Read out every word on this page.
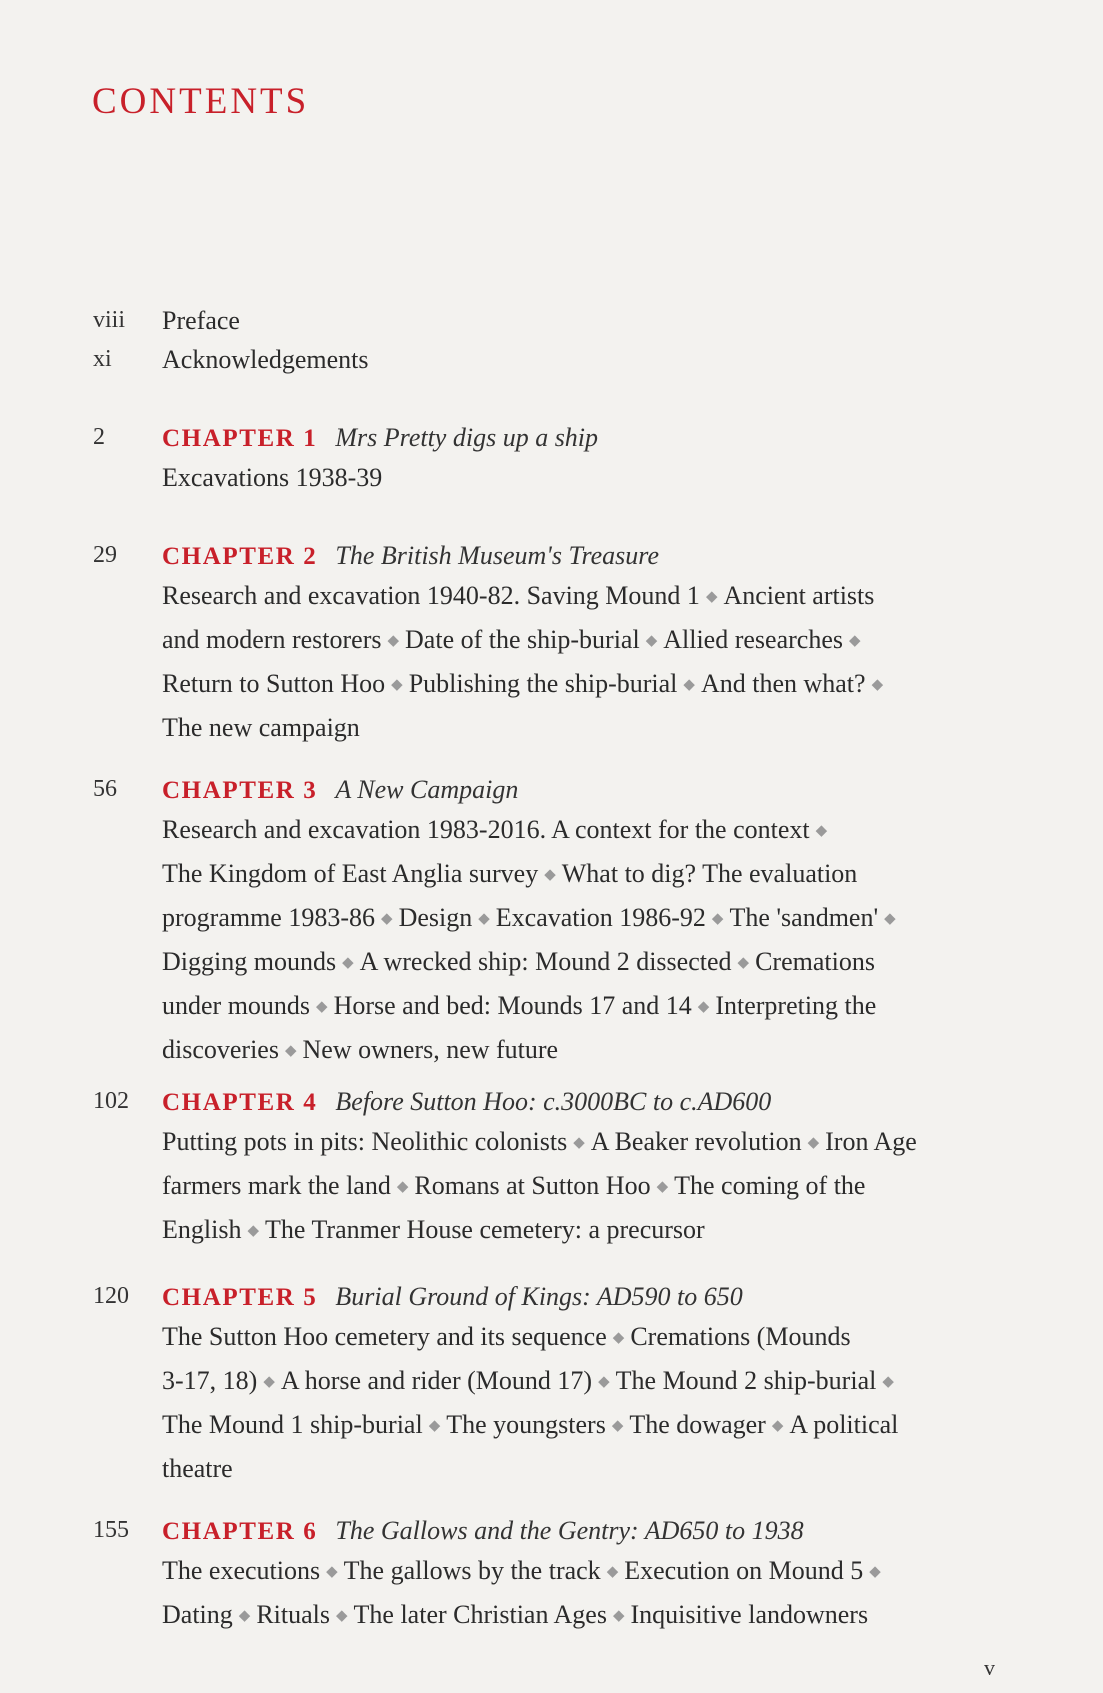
CONTENTS
viii Preface
xi Acknowledgements
2 CHAPTER 1 Mrs Pretty digs up a ship
Excavations 1938-39
29 CHAPTER 2 The British Museum's Treasure
Research and excavation 1940-82. Saving Mound 1 ◆ Ancient artists
and modern restorers ◆ Date of the ship-burial ◆ Allied researches ◆
Return to Sutton Hoo ◆ Publishing the ship-burial ◆ And then what? ◆
The new campaign
56 CHAPTER 3 A New Campaign
Research and excavation 1983-2016. A context for the context ◆
The Kingdom of East Anglia survey ◆ What to dig? The evaluation
programme 1983-86 ◆ Design ◆ Excavation 1986-92 ◆ The 'sandmen' ◆
Digging mounds ◆ A wrecked ship: Mound 2 dissected ◆ Cremations
under mounds ◆ Horse and bed: Mounds 17 and 14 ◆ Interpreting the
discoveries ◆ New owners, new future
102 CHAPTER 4 Before Sutton Hoo: c.3000BC to c.AD600
Putting pots in pits: Neolithic colonists ◆ A Beaker revolution ◆ Iron Age
farmers mark the land ◆ Romans at Sutton Hoo ◆ The coming of the
English ◆ The Tranmer House cemetery: a precursor
120 CHAPTER 5 Burial Ground of Kings: AD590 to 650
The Sutton Hoo cemetery and its sequence ◆ Cremations (Mounds
3-17, 18) ◆ A horse and rider (Mound 17) ◆ The Mound 2 ship-burial ◆
The Mound 1 ship-burial ◆ The youngsters ◆ The dowager ◆ A political
theatre
155 CHAPTER 6 The Gallows and the Gentry: AD650 to 1938
The executions ◆ The gallows by the track ◆ Execution on Mound 5 ◆
Dating ◆ Rituals ◆ The later Christian Ages ◆ Inquisitive landowners
v
